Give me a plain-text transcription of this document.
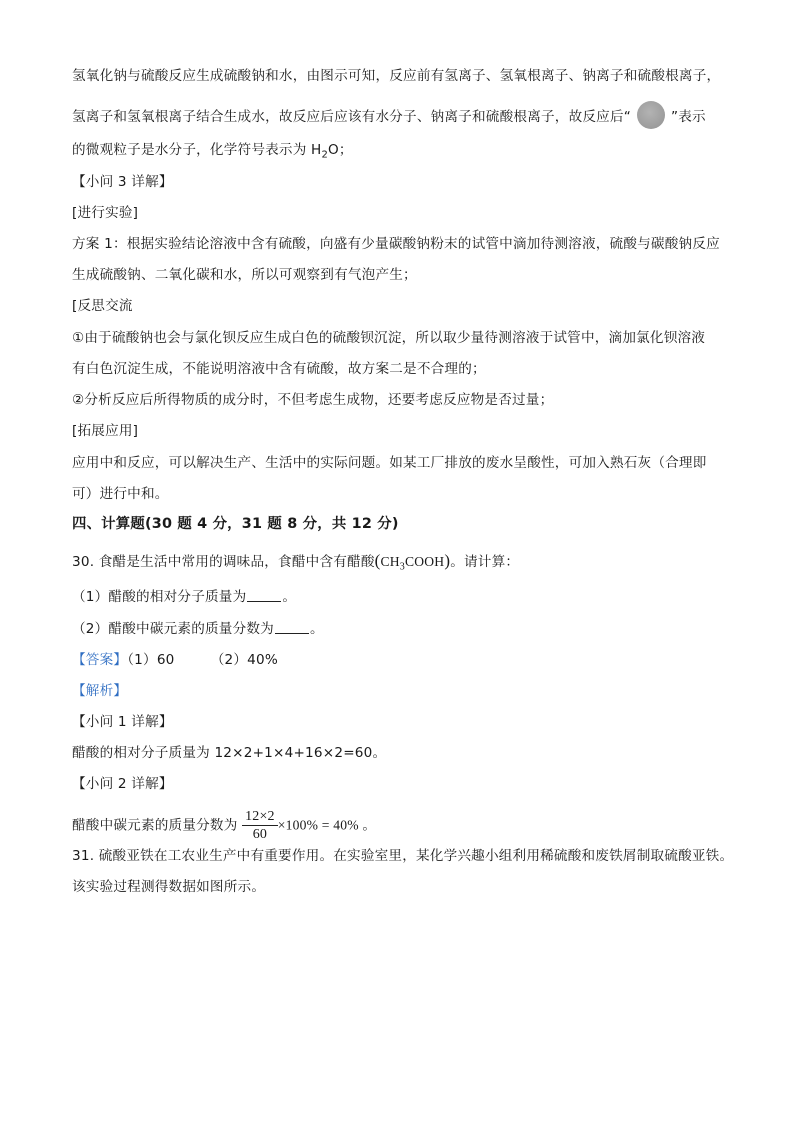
氢氧化钠与硫酸反应生成硫酸钠和水，由图示可知，反应前有氢离子、氢氧根离子、钠离子和硫酸根离子，
氢离子和氢氧根离子结合生成水，故反应后应该有水分子、钠离子和硫酸根离子，故反应后“	”表示
的微观粒子是水分子，化学符号表示为 $H_2O$；
【小问 3 详解】
[进行实验]
方案 1：根据实验结论溶液中含有硫酸，向盛有少量碳酸钠粉末的试管中滴加待测溶液，硫酸与碳酸钠反应
生成硫酸钠、二氧化碳和水，所以可观察到有气泡产生；
[反思交流
①由于硫酸钠也会与氯化钡反应生成白色的硫酸钡沉淀，所以取少量待测溶液于试管中，滴加氯化钡溶液
有白色沉淀生成，不能说明溶液中含有硫酸，故方案二是不合理的；
②分析反应后所得物质的成分时，不但考虑生成物，还要考虑反应物是否过量；
[拓展应用]
应用中和反应，可以解决生产、生活中的实际问题。如某工厂排放的废水呈酸性，可加入熟石灰（合理即
可）进行中和。
四、计算题(30 题 4 分，31 题 8 分，共 12 分)
30. 食醋是生活中常用的调味品，食醋中含有醋酸$(CH_3COOH)$。请计算：
（1）醋酸的相对分子质量为	。
（2）醋酸中碳元素的质量分数为	。
【答案】（1）60        （2）40%
【解析】
【小问 1 详解】
醋酸的相对分子质量为 12×2+1×4+16×2=60。
【小问 2 详解】
醋酸中碳元素的质量分数为 $\frac{12\times 2}{60} \times 100\% = 40\%$ 。
31. 硫酸亚铁在工农业生产中有重要作用。在实验室里，某化学兴趣小组利用稀硫酸和废铁屑制取硫酸亚铁。
该实验过程测得数据如图所示。
